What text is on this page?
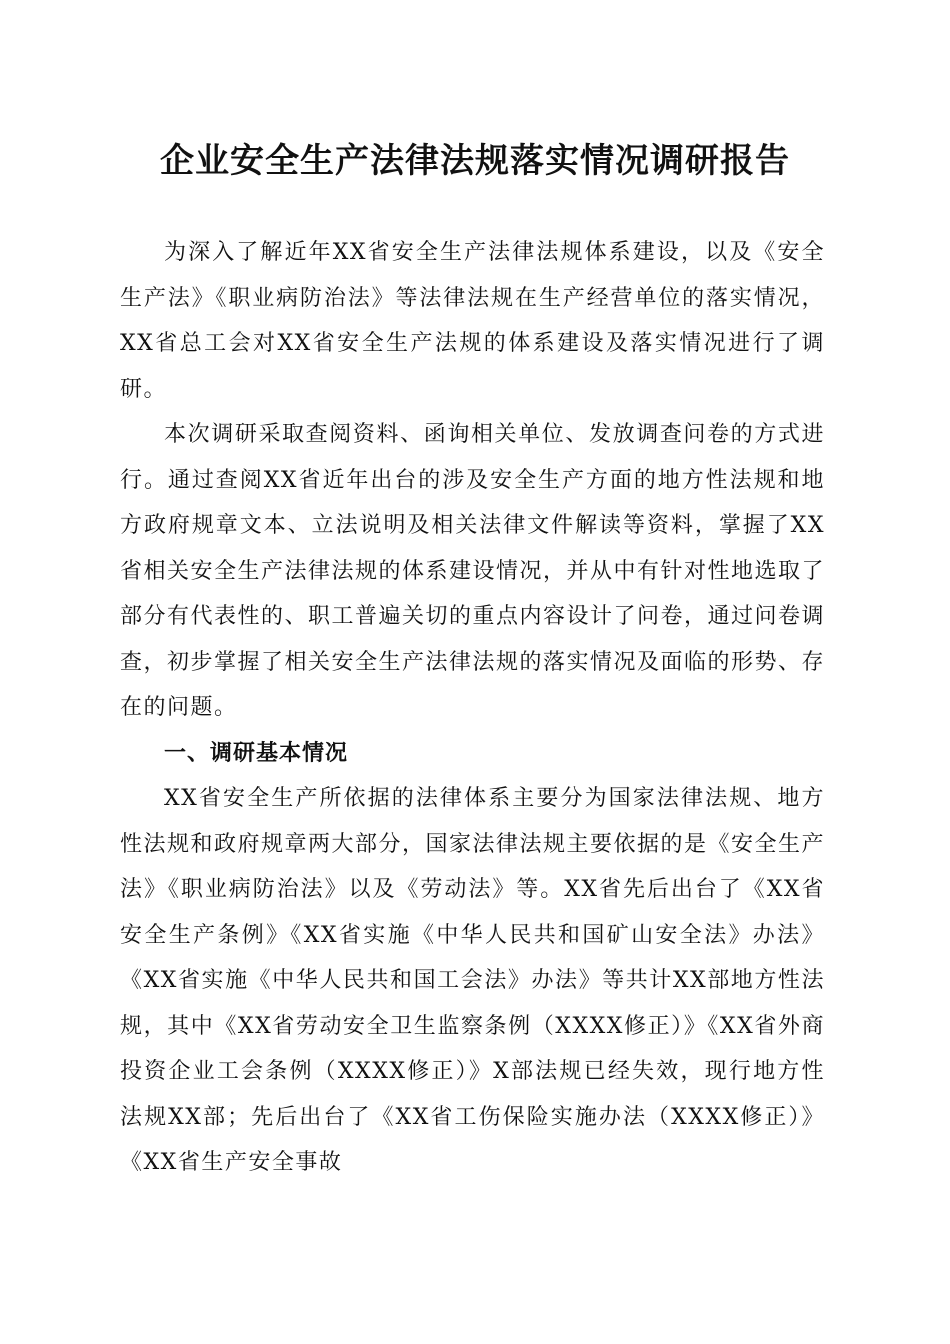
企业安全生产法律法规落实情况调研报告

为深入了解近年XX省安全生产法律法规体系建设，以及《安全生产法》《职业病防治法》等法律法规在生产经营单位的落实情况，XX省总工会对XX省安全生产法规的体系建设及落实情况进行了调研。

本次调研采取查阅资料、函询相关单位、发放调查问卷的方式进行。通过查阅XX省近年出台的涉及安全生产方面的地方性法规和地方政府规章文本、立法说明及相关法律文件解读等资料，掌握了XX省相关安全生产法律法规的体系建设情况，并从中有针对性地选取了部分有代表性的、职工普遍关切的重点内容设计了问卷，通过问卷调查，初步掌握了相关安全生产法律法规的落实情况及面临的形势、存在的问题。

一、调研基本情况

XX省安全生产所依据的法律体系主要分为国家法律法规、地方性法规和政府规章两大部分，国家法律法规主要依据的是《安全生产法》《职业病防治法》以及《劳动法》等。XX省先后出台了《XX省安全生产条例》《XX省实施《中华人民共和国矿山安全法》办法》《XX省实施《中华人民共和国工会法》办法》等共计XX部地方性法规，其中《XX省劳动安全卫生监察条例（XXXX修正）》《XX省外商投资企业工会条例（XXXX修正）》X部法规已经失效，现行地方性法规XX部；先后出台了《XX省工伤保险实施办法（XXXX修正）》《XX省生产安全事故
